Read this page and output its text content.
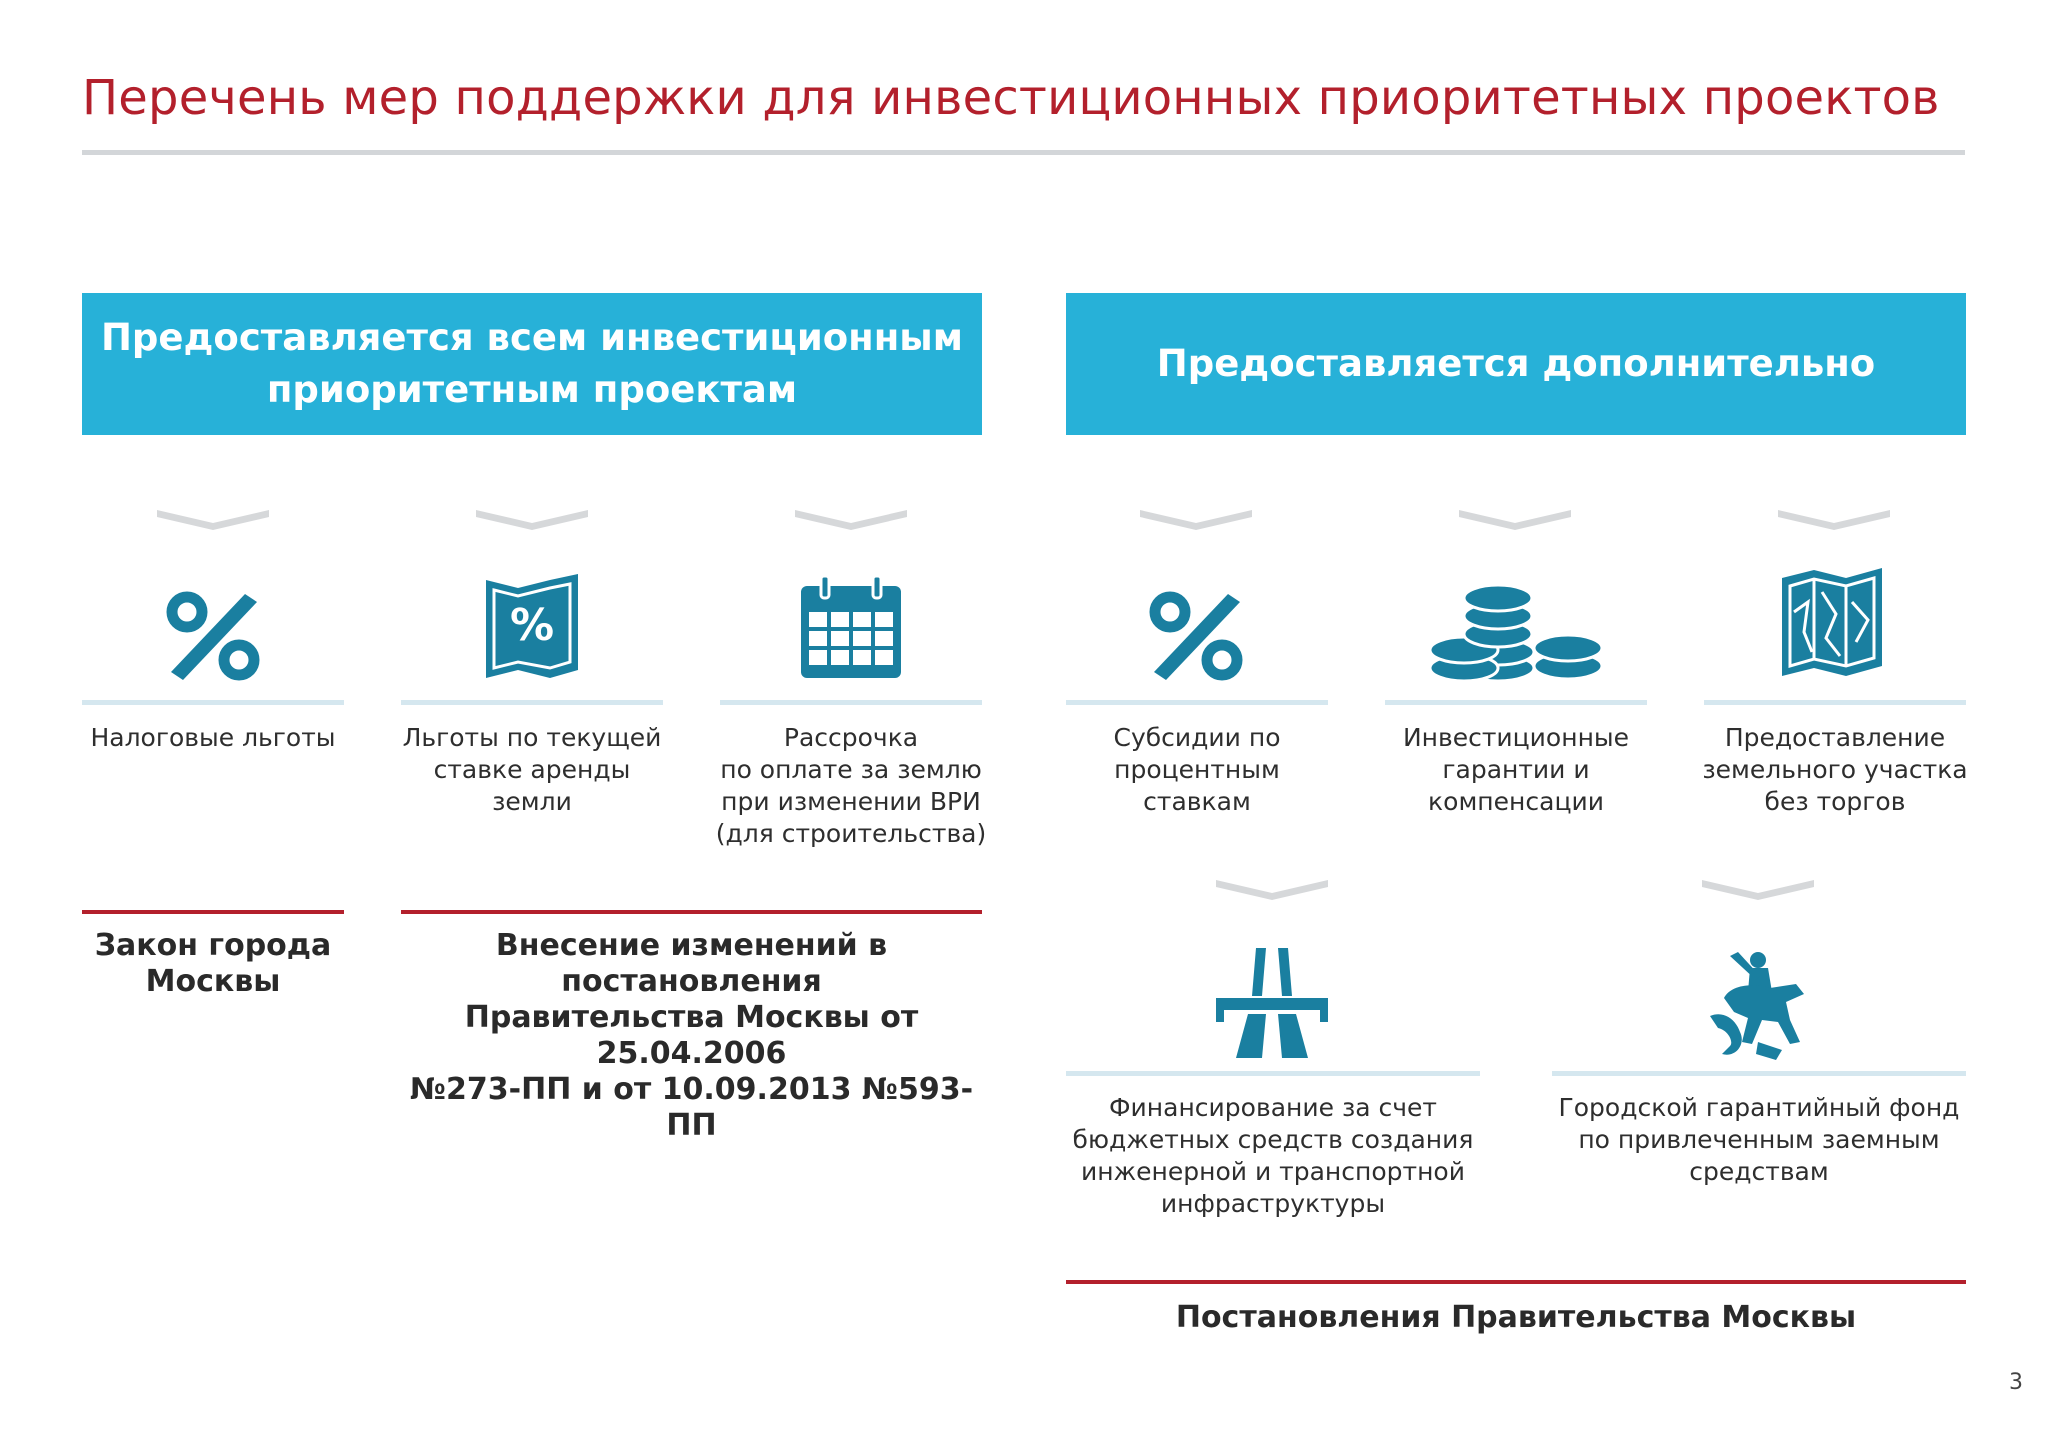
Перечень мер поддержки для инвестиционных приоритетных проектов
Предоставляется всем инвестиционным
приоритетным проектам
Предоставляется дополнительно
%
Налоговые льготы	Льготы по текущей
ставке аренды
земли
Рассрочка
по оплате за землю
при изменении ВРИ
(для строительства)
Субсидии по
процентным
ставкам
Инвестиционные
гарантии и
компенсации
Предоставление
земельного участка
без торгов
Закон города
Москвы
Внесение изменений в постановления
Правительства Москвы от 25.04.2006
№273-ПП и от 10.09.2013 №593-ПП
Финансирование за счет
бюджетных средств создания
инженерной и транспортной
инфраструктуры
Городской гарантийный фонд
по привлеченным заемным
средствам
Постановления Правительства Москвы
3
